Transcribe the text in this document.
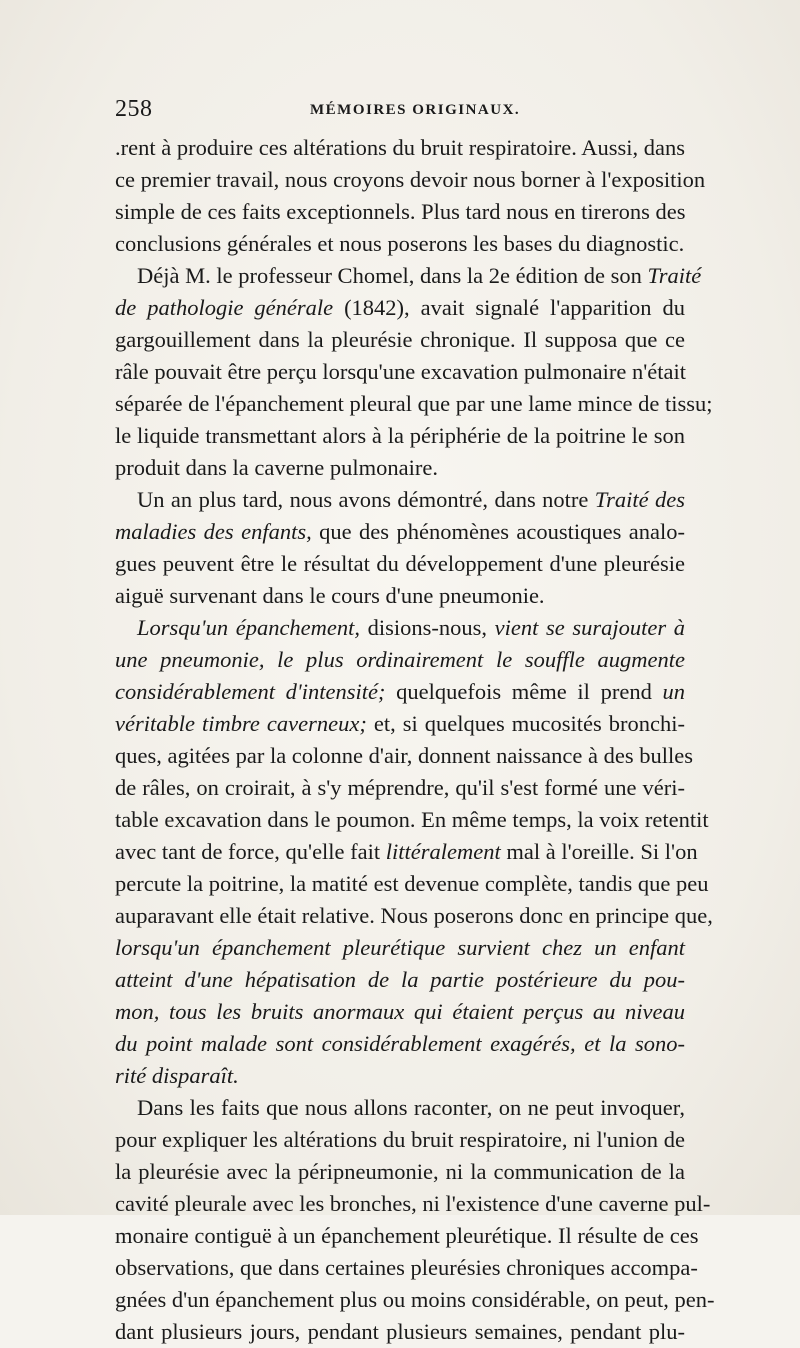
258	MÉMOIRES ORIGINAUX.
.rent à produire ces altérations du bruit respiratoire. Aussi, dans
ce premier travail, nous croyons devoir nous borner à l'exposition
simple de ces faits exceptionnels. Plus tard nous en tirerons des
conclusions générales et nous poserons les bases du diagnostic.
Déjà M. le professeur Chomel, dans la 2e édition de son Traité
de pathologie générale (1842), avait signalé l'apparition du
gargouillement dans la pleurésie chronique. Il supposa que ce
râle pouvait être perçu lorsqu'une excavation pulmonaire n'était
séparée de l'épanchement pleural que par une lame mince de tissu;
le liquide transmettant alors à la périphérie de la poitrine le son
produit dans la caverne pulmonaire.
Un an plus tard, nous avons démontré, dans notre Traité des
maladies des enfants, que des phénomènes acoustiques analo-
gues peuvent être le résultat du développement d'une pleurésie
aiguë survenant dans le cours d'une pneumonie.
Lorsqu'un épanchement, disions-nous, vient se surajouter à
une pneumonie, le plus ordinairement le souffle augmente
considérablement d'intensité; quelquefois même il prend un
véritable timbre caverneux; et, si quelques mucosités bronchi-
ques, agitées par la colonne d'air, donnent naissance à des bulles
de râles, on croirait, à s'y méprendre, qu'il s'est formé une véri-
table excavation dans le poumon. En même temps, la voix retentit
avec tant de force, qu'elle fait littéralement mal à l'oreille. Si l'on
percute la poitrine, la matité est devenue complète, tandis que peu
auparavant elle était relative. Nous poserons donc en principe que,
lorsqu'un épanchement pleurétique survient chez un enfant
atteint d'une hépatisation de la partie postérieure du pou-
mon, tous les bruits anormaux qui étaient perçus au niveau
du point malade sont considérablement exagérés, et la sono-
rité disparaît.
Dans les faits que nous allons raconter, on ne peut invoquer,
pour expliquer les altérations du bruit respiratoire, ni l'union de
la pleurésie avec la péripneumonie, ni la communication de la
cavité pleurale avec les bronches, ni l'existence d'une caverne pul-
monaire contiguë à un épanchement pleurétique. Il résulte de ces
observations, que dans certaines pleurésies chroniques accompa-
gnées d'un épanchement plus ou moins considérable, on peut, pen-
dant plusieurs jours, pendant plusieurs semaines, pendant plu-
